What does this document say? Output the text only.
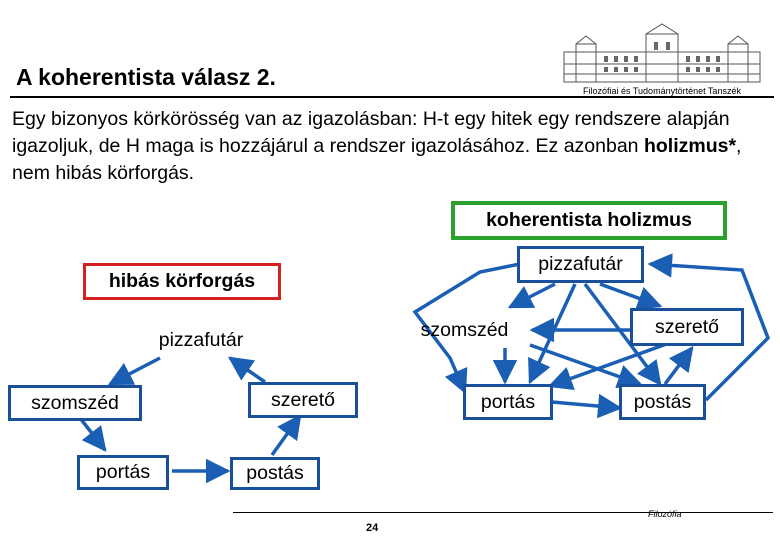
A koherentista válasz 2.
Filozófiai és Tudománytörténet Tanszék
Egy bizonyos körkörösség van az igazolásban: H-t egy hitek egy rendszere alapján igazoljuk, de H maga is hozzájárul a rendszer igazolásához. Ez azonban holizmus*, nem hibás körforgás.
koherentista holizmus
hibás körforgás
pizzafutár
szomszéd	szerető
portás	postás
pizzafutár
szomszéd	szerető
portás	postás
Filozófia
24
